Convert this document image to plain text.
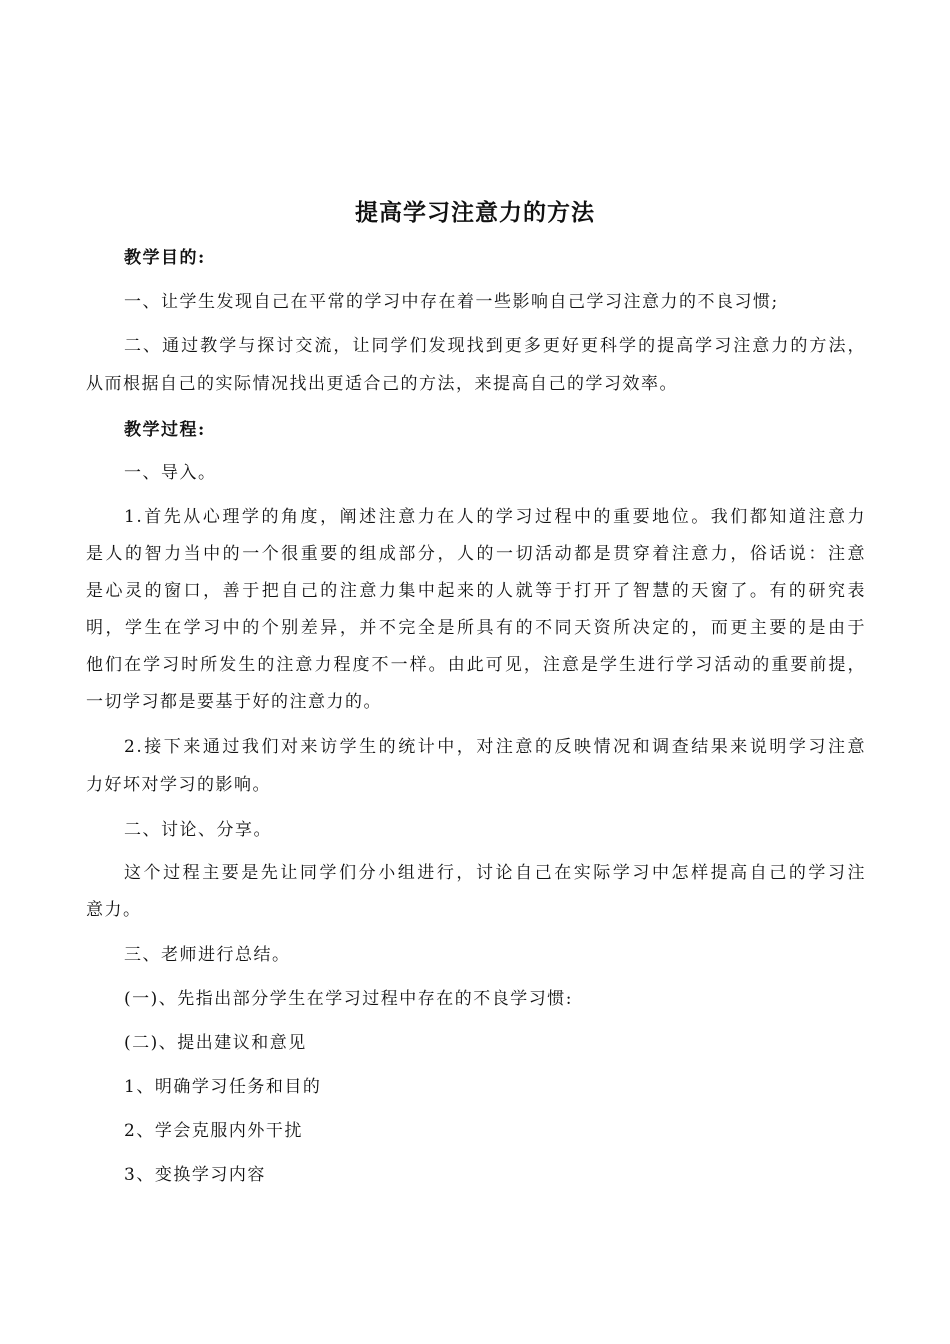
提高学习注意力的方法
教学目的:
一、让学生发现自己在平常的学习中存在着一些影响自己学习注意力的不良习惯;
二、通过教学与探讨交流，让同学们发现找到更多更好更科学的提高学习注意力的方法，
从而根据自己的实际情况找出更适合己的方法，来提高自己的学习效率。
教学过程:
一、导入。
1.首先从心理学的角度，阐述注意力在人的学习过程中的重要地位。我们都知道注意力
是人的智力当中的一个很重要的组成部分，人的一切活动都是贯穿着注意力，俗话说：注意
是心灵的窗口，善于把自己的注意力集中起来的人就等于打开了智慧的天窗了。有的研究表
明，学生在学习中的个别差异，并不完全是所具有的不同天资所决定的，而更主要的是由于
他们在学习时所发生的注意力程度不一样。由此可见，注意是学生进行学习活动的重要前提，
一切学习都是要基于好的注意力的。
2.接下来通过我们对来访学生的统计中，对注意的反映情况和调查结果来说明学习注意
力好坏对学习的影响。
二、讨论、分享。
这个过程主要是先让同学们分小组进行，讨论自己在实际学习中怎样提高自己的学习注
意力。
三、老师进行总结。
(一)、先指出部分学生在学习过程中存在的不良学习惯:
(二)、提出建议和意见
1、明确学习任务和目的
2、学会克服内外干扰
3、变换学习内容
